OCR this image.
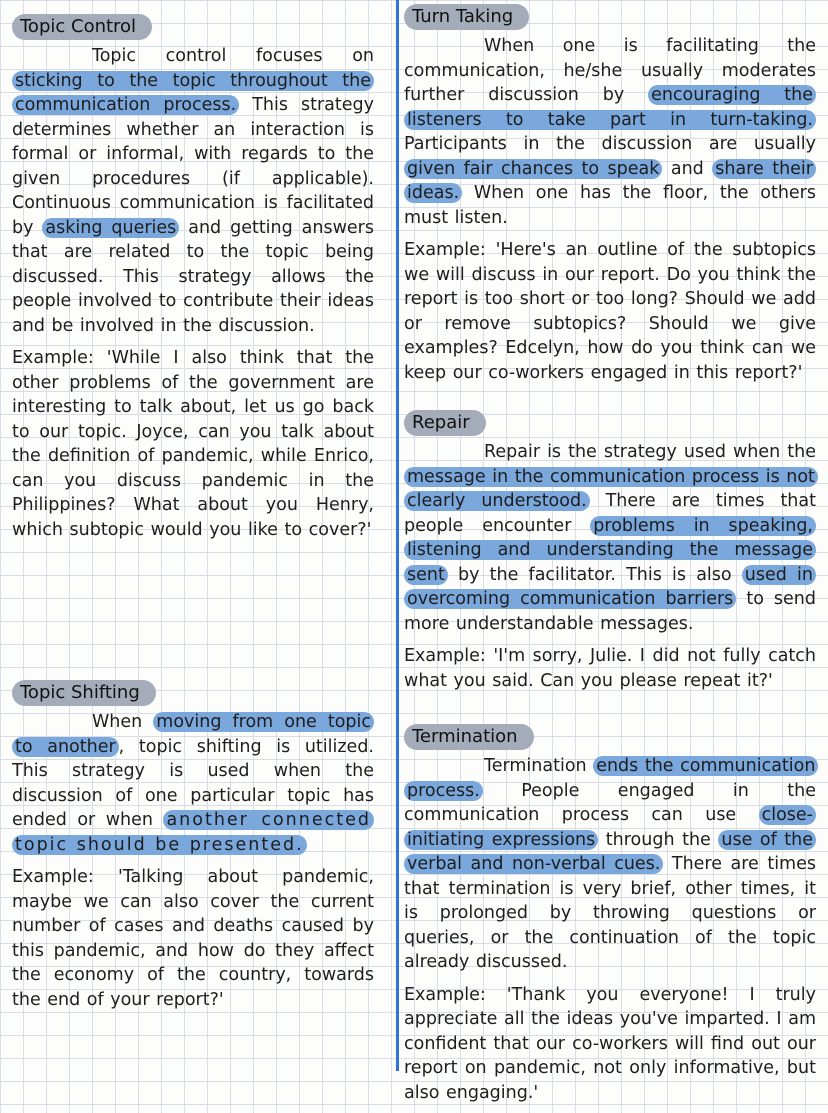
Topic Control

Topic control focuses on sticking to the topic throughout the communication process. This strategy determines whether an interaction is formal or informal, with regards to the given procedures (if applicable). Continuous communication is facilitated by asking queries and getting answers that are related to the topic being discussed. This strategy allows the people involved to contribute their ideas and be involved in the discussion.

Example: 'While I also think that the other problems of the government are interesting to talk about, let us go back to our topic. Joyce, can you talk about the definition of pandemic, while Enrico, can you discuss pandemic in the Philippines? What about you Henry, which subtopic would you like to cover?'

Topic Shifting

When moving from one topic to another , topic shifting is utilized. This strategy is used when the discussion of one particular topic has ended or when another connected topic should be presented.

Example: 'Talking about pandemic, maybe we can also cover the current number of cases and deaths caused by this pandemic, and how do they affect the economy of the country, towards the end of your report?'

Turn Taking

When one is facilitating the communication, he/she usually moderates further discussion by encouraging the listeners to take part in turn-taking. Participants in the discussion are usually given fair chances to speak and share their ideas. When one has the floor, the others must listen.

Example: 'Here's an outline of the subtopics we will discuss in our report. Do you think the report is too short or too long? Should we add or remove subtopics? Should we give examples? Edcelyn, how do you think can we keep our co-workers engaged in this report?'

Repair

Repair is the strategy used when the message in the communication process is not clearly understood. There are times that people encounter problems in speaking, listening and understanding the message sent by the facilitator. This is also used in overcoming communication barriers to send more understandable messages.

Example: 'I'm sorry, Julie. I did not fully catch what you said. Can you please repeat it?'

Termination

Termination ends the communication process. People engaged in the communication process can use close-initiating expressions through the use of the verbal and non-verbal cues. There are times that termination is very brief, other times, it is prolonged by throwing questions or queries, or the continuation of the topic already discussed.

Example: 'Thank you everyone! I truly appreciate all the ideas you've imparted. I am confident that our co-workers will find out our report on pandemic, not only informative, but also engaging.'
